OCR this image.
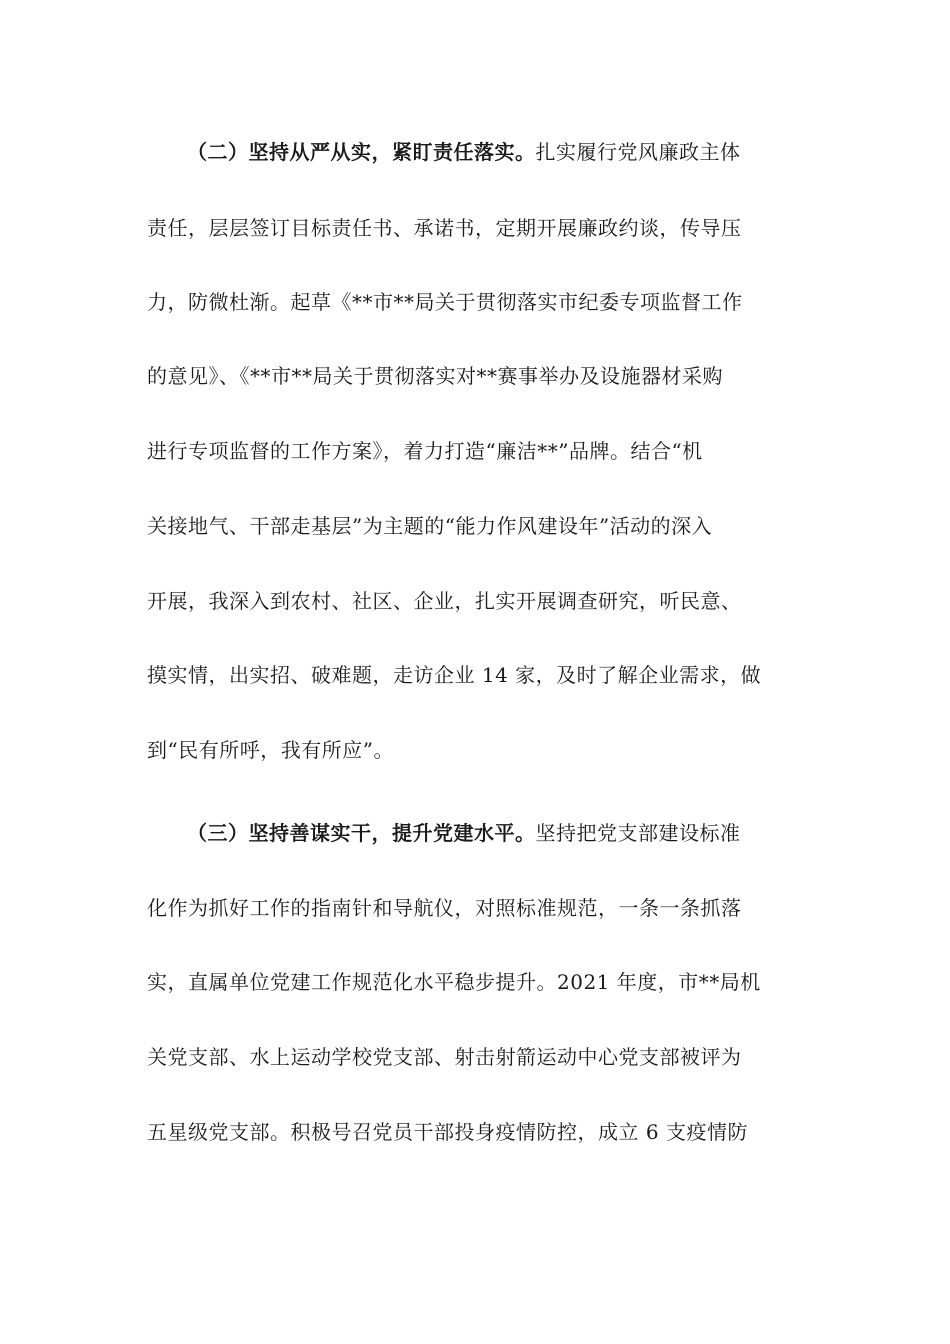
（二）坚持从严从实，紧盯责任落实。扎实履行党风廉政主体
责任，层层签订目标责任书、承诺书，定期开展廉政约谈，传导压
力，防微杜渐。起草《**市**局关于贯彻落实市纪委专项监督工作
的意见》、《**市**局关于贯彻落实对**赛事举办及设施器材采购
进行专项监督的工作方案》，着力打造“廉洁**”品牌。结合“机
关接地气、干部走基层”为主题的“能力作风建设年”活动的深入
开展，我深入到农村、社区、企业，扎实开展调查研究，听民意、
摸实情，出实招、破难题，走访企业 14 家，及时了解企业需求，做
到“民有所呼，我有所应”。
（三）坚持善谋实干，提升党建水平。坚持把党支部建设标准
化作为抓好工作的指南针和导航仪，对照标准规范，一条一条抓落
实，直属单位党建工作规范化水平稳步提升。2021 年度，市**局机
关党支部、水上运动学校党支部、射击射箭运动中心党支部被评为
五星级党支部。积极号召党员干部投身疫情防控，成立 6 支疫情防
